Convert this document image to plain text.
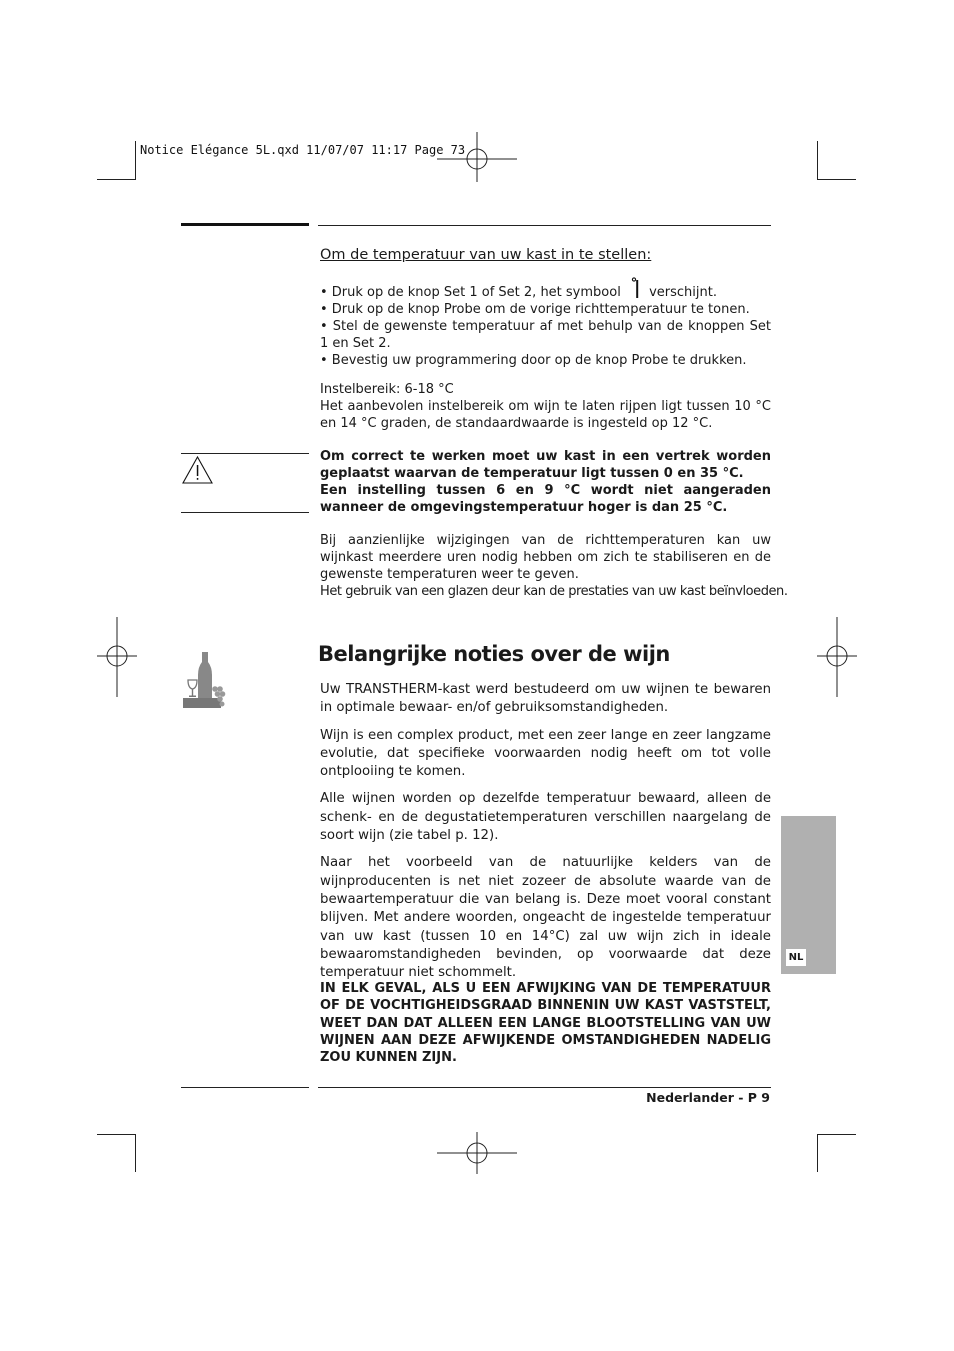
Notice Elégance 5L.qxd 11/07/07 11:17 Page 73
Om de temperatuur van uw kast in te stellen:

• Druk op de knop Set 1 of Set 2, het symbool verschijnt.

• Druk op de knop Probe om de vorige richttemperatuur te tonen.

• Stel de gewenste temperatuur af met behulp van de knoppen Set 1 en Set 2.

• Bevestig uw programmering door op de knop Probe te drukken.

Instelbereik: 6-18 °C

Het aanbevolen instelbereik om wijn te laten rijpen ligt tussen 10 °C en 14 °C graden, de standaardwaarde is ingesteld op 12 °C.

Om correct te werken moet uw kast in een vertrek worden geplaatst waarvan de temperatuur ligt tussen 0 en 35 °C.

Een instelling tussen 6 en 9 °C wordt niet aangeraden wanneer de omgevingstemperatuur hoger is dan 25 °C.

Bij aanzienlijke wijzigingen van de richttemperaturen kan uw wijnkast meerdere uren nodig hebben om zich te stabiliseren en de gewenste temperaturen weer te geven.

Het gebruik van een glazen deur kan de prestaties van uw kast beïnvloeden.

Belangrijke noties over de wijn

Uw TRANSTHERM-kast werd bestudeerd om uw wijnen te bewaren in optimale bewaar- en/of gebruiksomstandigheden.

Wijn is een complex product, met een zeer lange en zeer langzame evolutie, dat specifieke voorwaarden nodig heeft om tot volle ontplooiing te komen.

Alle wijnen worden op dezelfde temperatuur bewaard, alleen de schenk- en de degustatietemperaturen verschillen naargelang de soort wijn (zie tabel p. 12).

Naar het voorbeeld van de natuurlijke kelders van de wijnproducenten is net niet zozeer de absolute waarde van de bewaartemperatuur die van belang is. Deze moet vooral constant blijven. Met andere woorden, ongeacht de ingestelde temperatuur van uw kast (tussen 10 en 14°C) zal uw wijn zich in ideale bewaaromstandigheden bevinden, op voorwaarde dat deze temperatuur niet schommelt.

IN ELK GEVAL, ALS U EEN AFWIJKING VAN DE TEMPERATUUR OF DE VOCHTIGHEIDSGRAAD BINNENIN UW KAST VASTSTELT, WEET DAN DAT ALLEEN EEN LANGE BLOOTSTELLING VAN UW WIJNEN AAN DEZE AFWIJKENDE OMSTANDIGHEDEN NADELIG ZOU KUNNEN ZIJN.

NL
Nederlander - P 9
